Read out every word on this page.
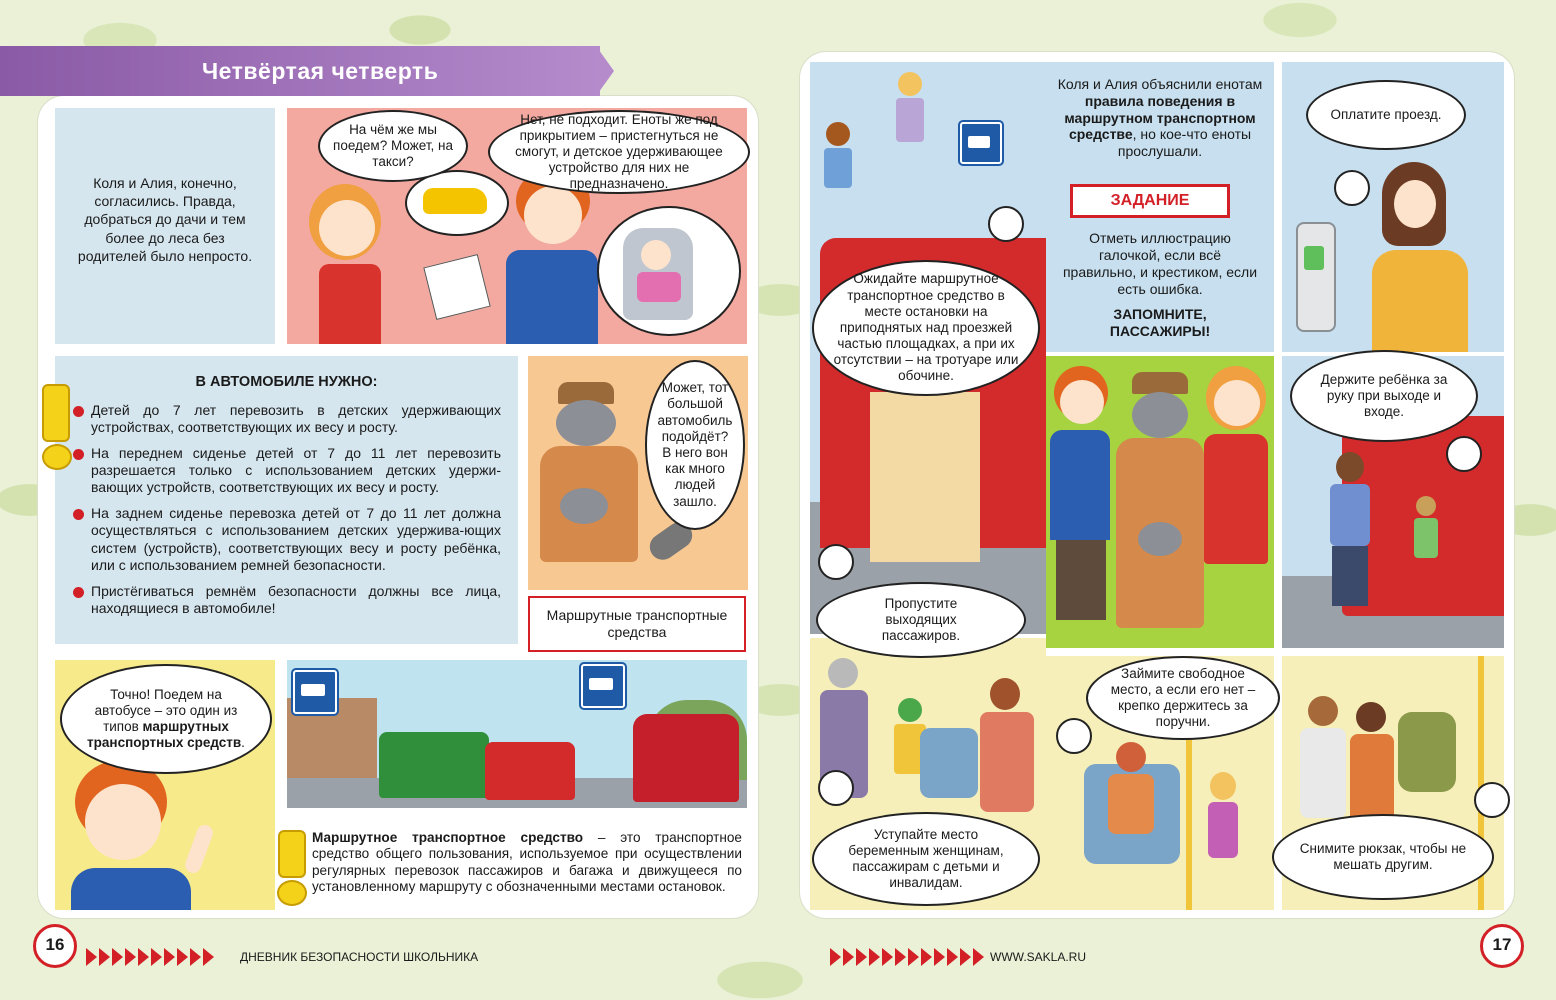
Четвёртая четверть
Коля и Алия, конечно, согласились. Правда, добраться до дачи и тем более до леса без родителей было непросто.
На чём же мы поедем? Может, на такси?
Нет, не подходит. Еноты же под прикрытием – пристегнуться не смогут, и детское удерживающее устройство для них не предназначено.
В АВТОМОБИЛЕ НУЖНО:
Детей до 7 лет перевозить в детских удерживающих устройствах, соответствующих их весу и росту.
На переднем сиденье детей от 7 до 11 лет перевозить разрешается только с использованием детских удержи-вающих устройств, соответствующих их весу и росту.
На заднем сиденье перевозка детей от 7 до 11 лет должна осуществляться с использованием детских удержива-ющих систем (устройств), соответствующих весу и росту ребёнка, или с использованием ремней безопасности.
Пристёгиваться ремнём безопасности должны все лица, находящиеся в автомобиле!
Может, тот большой автомобиль подойдёт? В него вон как много людей зашло.
Маршрутные транспортные средства
Точно! Поедем на автобусе – это один из типов маршрутных транспортных средств.
Маршрутное транспортное средство – это транспортное средство общего пользования, используемое при осуществлении регулярных перевозок пассажиров и багажа и движущееся по установленному маршруту с обозначенными местами остановок.
16
ДНЕВНИК БЕЗОПАСНОСТИ ШКОЛЬНИКА
Коля и Алия объяснили енотам правила поведения в маршрутном транспортном средстве, но кое-что еноты прослушали.
ЗАДАНИЕ
Отметь иллюстрацию галочкой, если всё правильно, и крестиком, если есть ошибка.
ЗАПОМНИТЕ, ПАССАЖИРЫ!
Оплатите проезд.
Ожидайте маршрутное транспортное средство в месте остановки на приподнятых над проезжей частью площадках, а при их отсутствии – на тротуаре или обочине.	Держите ребёнка за руку при выходе и входе.
Пропустите выходящих пассажиров.
Займите свободное место, а если его нет – крепко держитесь за поручни.
Уступайте место беременным женщинам, пассажирам с детьми и инвалидам.
Снимите рюкзак, чтобы не мешать другим.
WWW.SAKLA.RU
17
